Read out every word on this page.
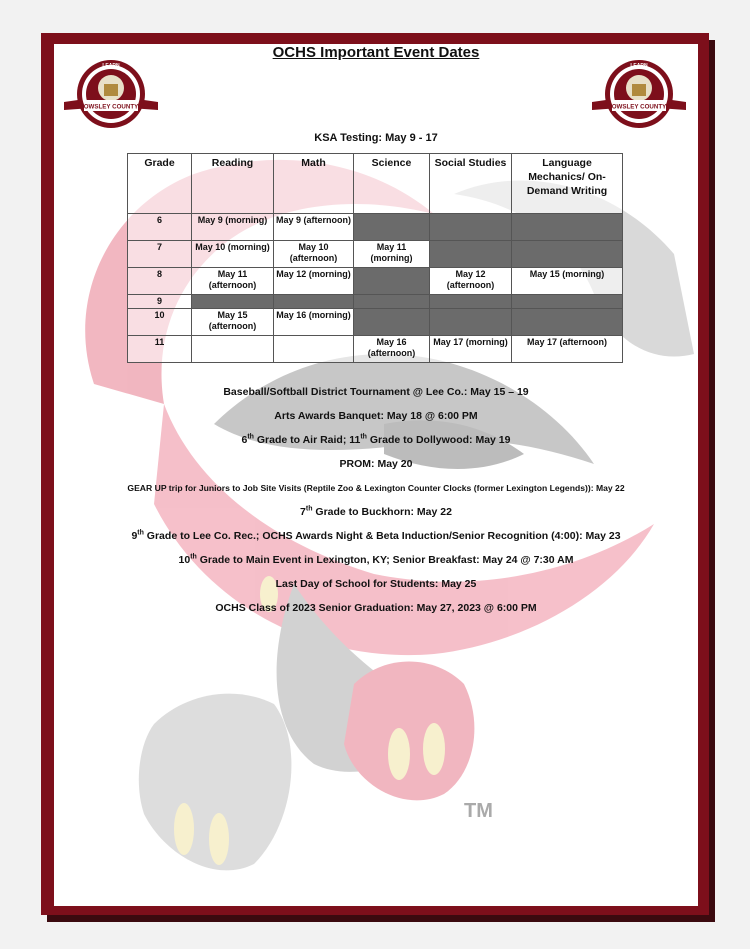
OCHS Important Event Dates
OWSLEY COUNTY
LEARN
OWSLEY COUNTY
LEARN
KSA Testing: May 9 - 17
Grade	Reading	Math	Science	Social Studies	Language Mechanics/ On-Demand Writing
6	May 9 (morning)	May 9 (afternoon)			
7	May 10 (morning)	May 10 (afternoon)	May 11 (morning)		
8	May 11 (afternoon)	May 12 (morning)		May 12 (afternoon)	May 15 (morning)
9					
10	May 15 (afternoon)	May 16 (morning)			
11			May 16 (afternoon)	May 17 (morning)	May 17 (afternoon)
Baseball/Softball District Tournament @ Lee Co.: May 15 – 19
Arts Awards Banquet: May 18 @ 6:00 PM
6th Grade to Air Raid; 11th Grade to Dollywood: May 19
PROM: May 20
GEAR UP trip for Juniors to Job Site Visits (Reptile Zoo & Lexington Counter Clocks (former Lexington Legends)): May 22
7th Grade to Buckhorn: May 22
9th Grade to Lee Co. Rec.; OCHS Awards Night & Beta Induction/Senior Recognition (4:00): May 23
10th Grade to Main Event in Lexington, KY; Senior Breakfast: May 24 @ 7:30 AM
Last Day of School for Students: May 25
OCHS Class of 2023 Senior Graduation: May 27, 2023 @ 6:00 PM
TM
